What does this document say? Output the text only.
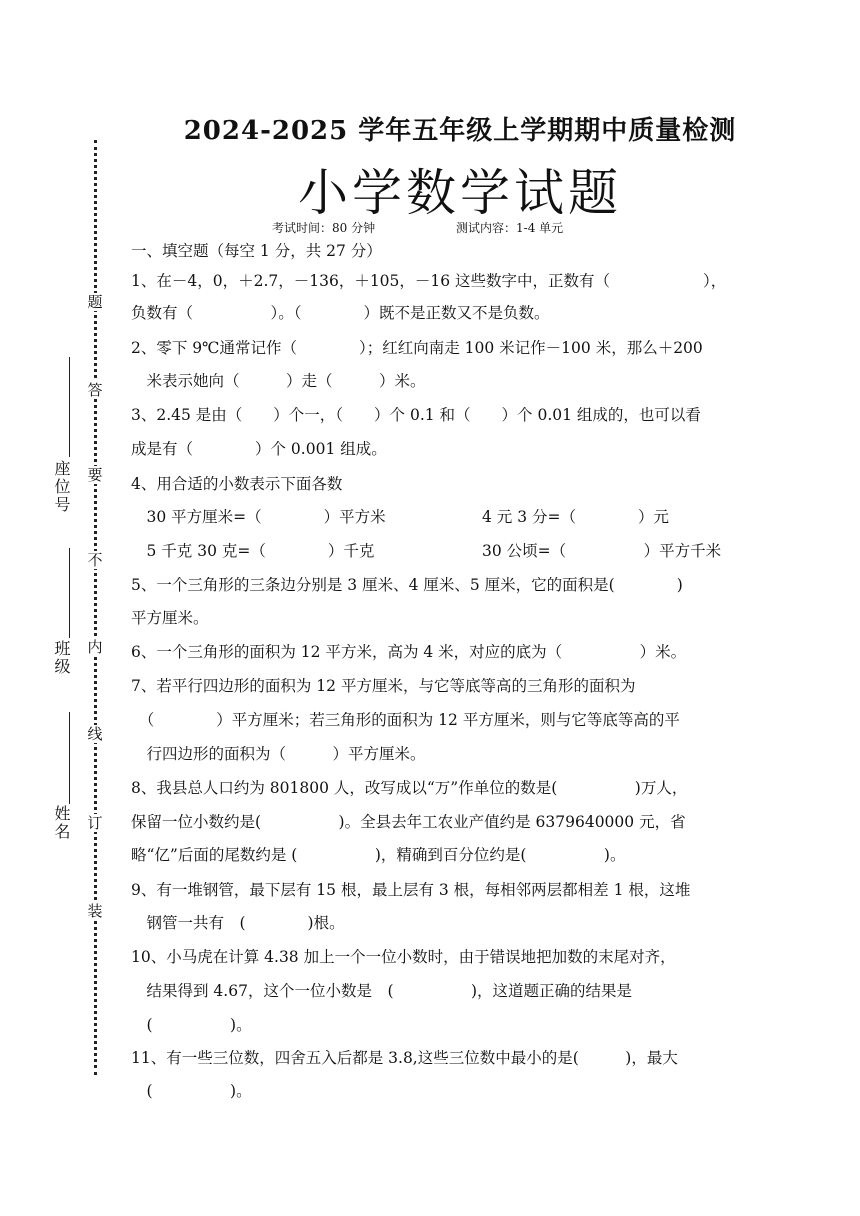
题
答
要
不
内
线
订
装
座位号
班级
姓名
2024-2025 学年五年级上学期期中质量检测
小学数学试题
考试时间：80 分钟	测试内容：1-4 单元
一、填空题（每空 1 分，共 27 分）
1、在－4，0，＋2.7，－136，＋105，－16 这些数字中，正数有（　　　　　　），
负数有（　　　　　）。（　　　　）既不是正数又不是负数。
2、零下 9℃通常记作（　　　　）；红红向南走 100 米记作－100 米，那么＋200
　米表示她向（　　　）走（　　　）米。
3、2.45 是由（　　）个一，（　　）个 0.1 和（　　）个 0.01 组成的，也可以看
成是有（　　　　）个 0.001 组成。
4、用合适的小数表示下面各数
　30 平方厘米=（　　　　）平方米	4 元 3 分=（　　　　）元
　5 千克 30 克=（　　　　）千克	30 公顷=（　　　　　）平方千米
5、一个三角形的三条边分别是 3 厘米、4 厘米、5 厘米，它的面积是(　　　　)
平方厘米。
6、一个三角形的面积为 12 平方米，高为 4 米，对应的底为（　　　　　）米。
7、若平行四边形的面积为 12 平方厘米，与它等底等高的三角形的面积为
　（　　　　）平方厘米；若三角形的面积为 12 平方厘米，则与它等底等高的平
　行四边形的面积为（　　　）平方厘米。
8、我县总人口约为 801800 人，改写成以“万”作单位的数是(　　　　　)万人，
保留一位小数约是(　　　　　)。全县去年工农业产值约是 6379640000 元，省
略“亿”后面的尾数约是 (　　　　　)，精确到百分位约是(　　　　　)。
9、有一堆钢管，最下层有 15 根，最上层有 3 根，每相邻两层都相差 1 根，这堆
　钢管一共有　(　　　　)根。
10、小马虎在计算 4.38 加上一个一位小数时，由于错误地把加数的末尾对齐，
　结果得到 4.67，这个一位小数是　(　　　　　)，这道题正确的结果是
　(　　　　　)。
11、有一些三位数，四舍五入后都是 3.8,这些三位数中最小的是(　　　)，最大
　(　　　　　)。
